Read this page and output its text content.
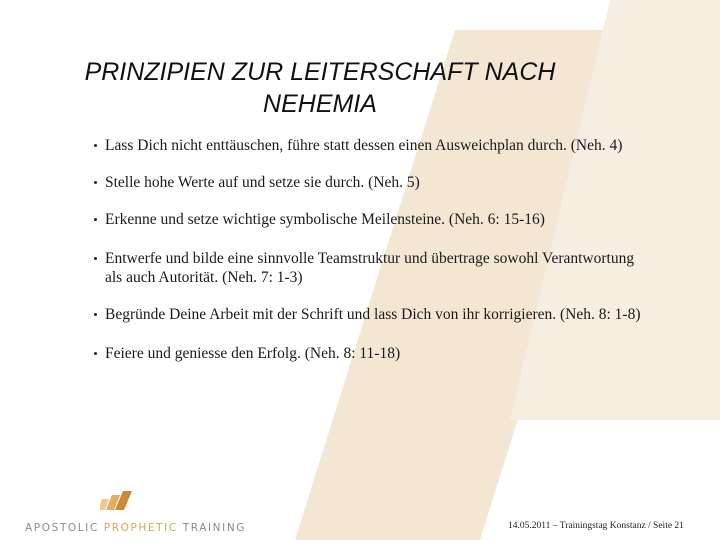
PRINZIPIEN ZUR LEITERSCHAFT NACH NEHEMIA
Lass Dich nicht enttäuschen, führe statt dessen einen Ausweichplan durch. (Neh. 4)
Stelle hohe Werte auf und setze sie durch. (Neh. 5)
Erkenne und setze wichtige symbolische Meilensteine. (Neh. 6: 15-16)
Entwerfe und bilde eine sinnvolle Teamstruktur und übertrage sowohl Verantwortung als auch Autorität. (Neh. 7: 1-3)
Begründe Deine Arbeit mit der Schrift und lass Dich von ihr korrigieren. (Neh. 8: 1-8)
Feiere und geniesse den Erfolg. (Neh. 8: 11-18)
APOSTOLIC PROPHETIC TRAINING	14.05.2011 – Trainingstag Konstanz / Seite 21
